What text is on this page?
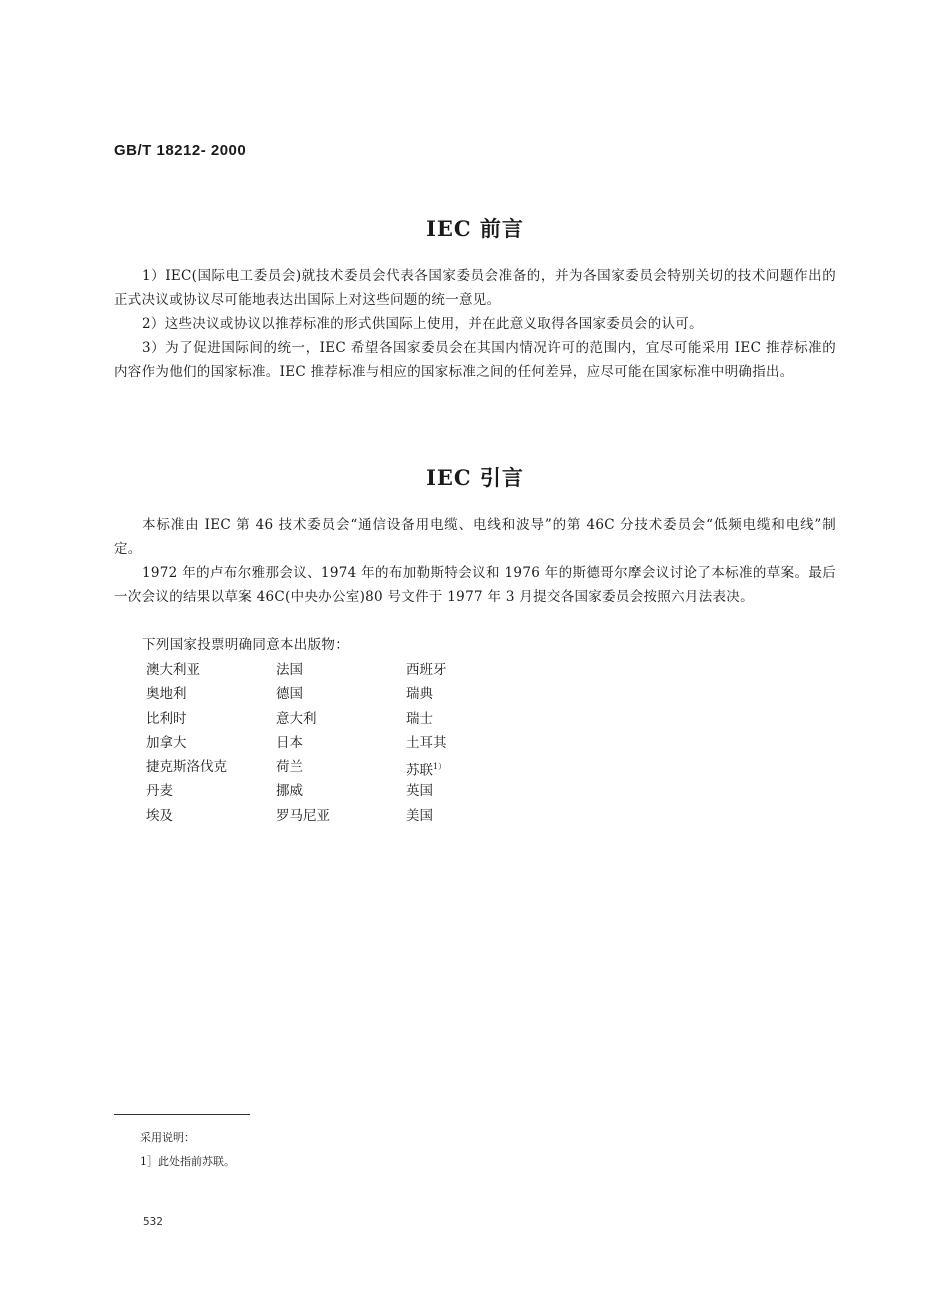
GB/T 18212- 2000
IEC 前言

1）IEC(国际电工委员会)就技术委员会代表各国家委员会准备的，并为各国家委员会特别关切的技术问题作出的正式决议或协议尽可能地表达出国际上对这些问题的统一意见。

2）这些决议或协议以推荐标准的形式供国际上使用，并在此意义取得各国家委员会的认可。

3）为了促进国际间的统一，IEC 希望各国家委员会在其国内情况许可的范围内，宜尽可能采用 IEC 推荐标准的内容作为他们的国家标准。IEC 推荐标准与相应的国家标准之间的任何差异，应尽可能在国家标准中明确指出。

IEC 引言

本标准由 IEC 第 46 技术委员会“通信设备用电缆、电线和波导”的第 46C 分技术委员会“低频电缆和电线”制定。

1972 年的卢布尔雅那会议、1974 年的布加勒斯特会议和 1976 年的斯德哥尔摩会议讨论了本标准的草案。最后一次会议的结果以草案 46C(中央办公室)80 号文件于 1977 年 3 月提交各国家委员会按照六月法表决。

下列国家投票明确同意本出版物：

澳大利亚	法国	西班牙
奥地利	德国	瑞典
比利时	意大利	瑞士
加拿大	日本	土耳其
捷克斯洛伐克	荷兰	苏联$^{1)}$
丹麦	挪威	英国
埃及	罗马尼亚	美国
采用说明：
1］此处指前苏联。
532
